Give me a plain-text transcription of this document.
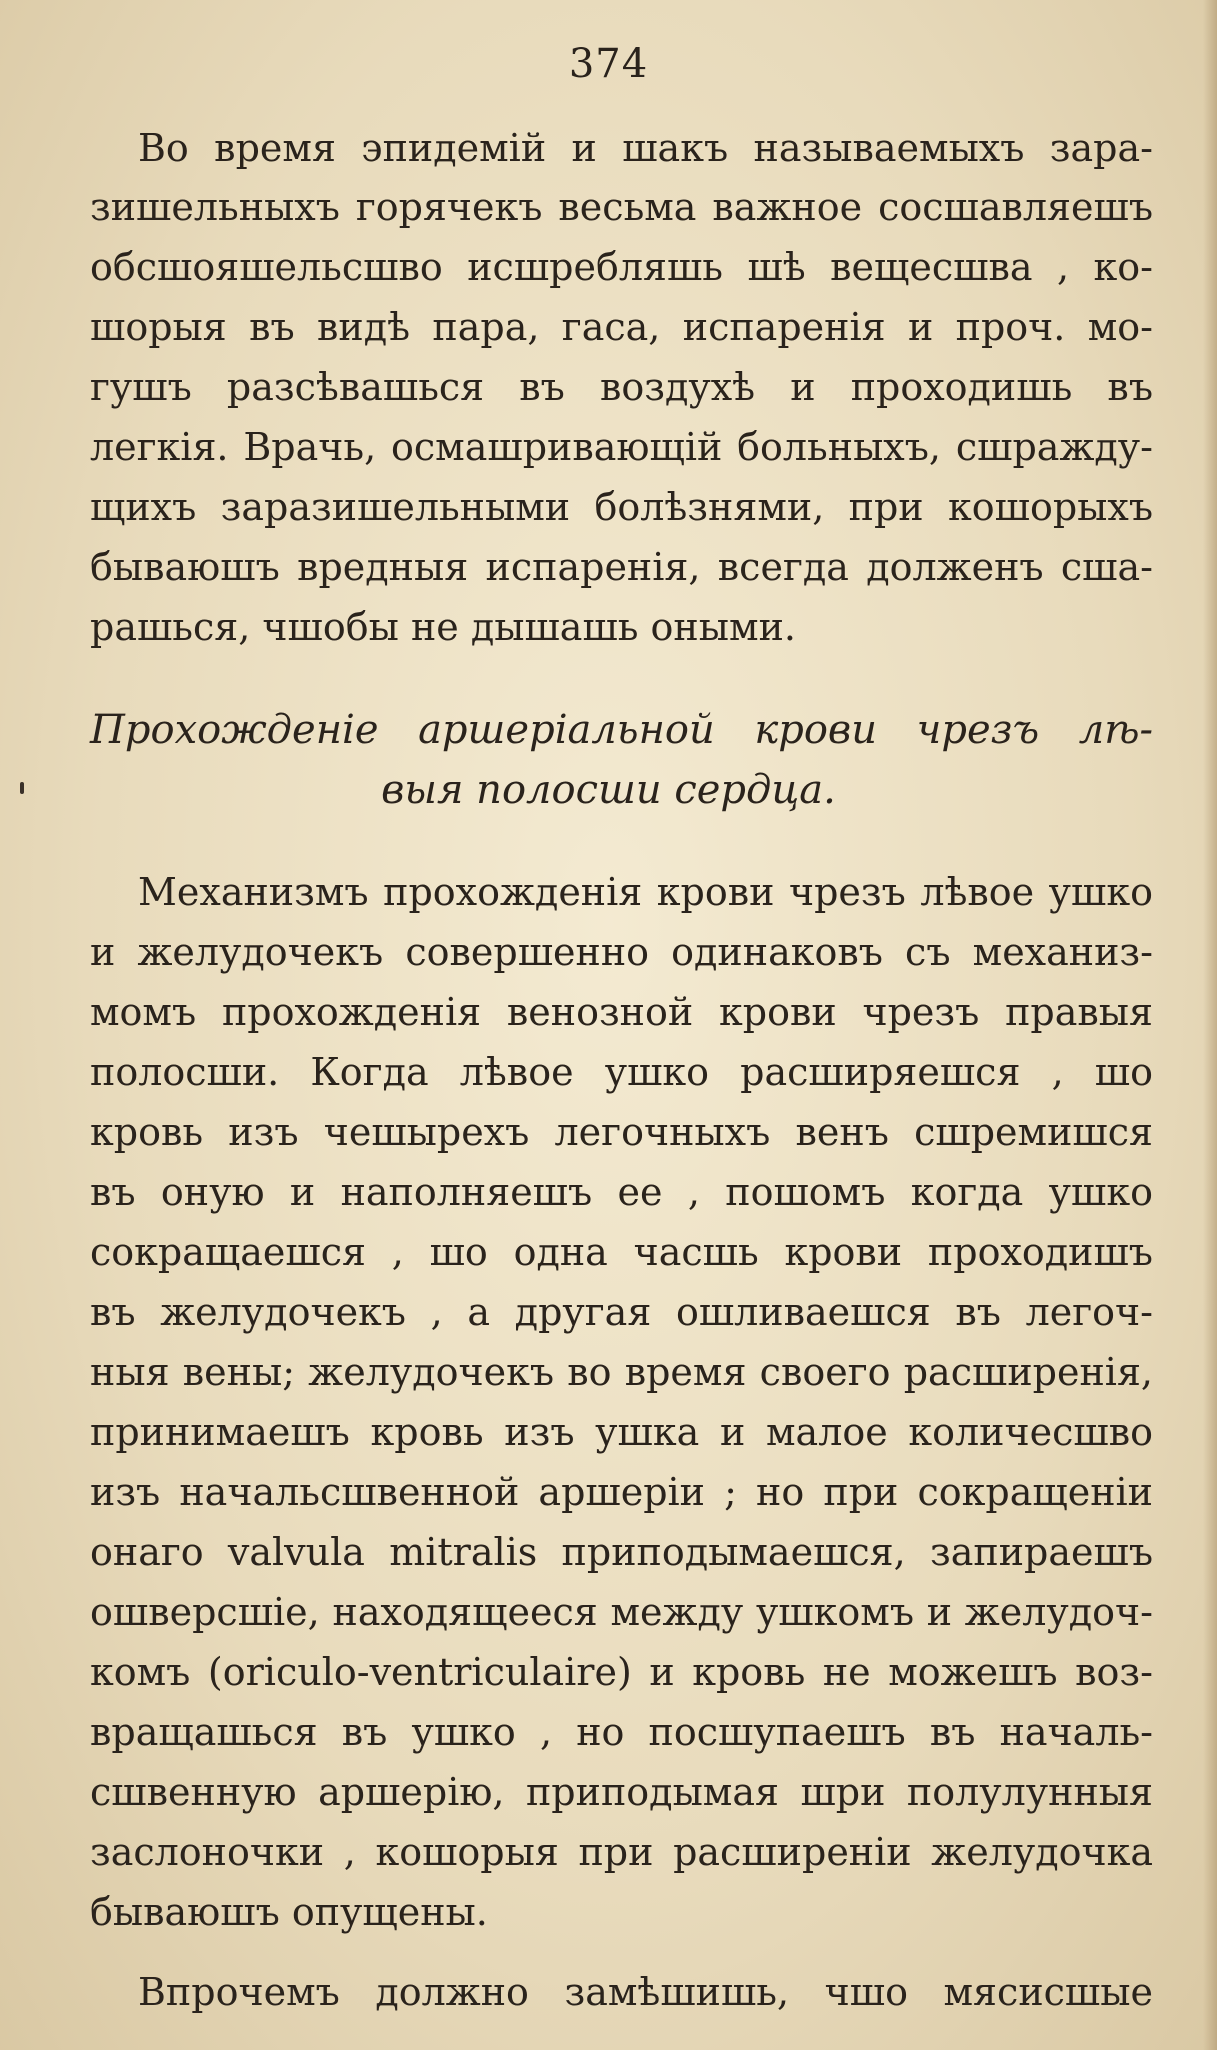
374
Во время эпидемій и шакъ называемыхъ зара-
зишельныхъ горячекъ весьма важное сосшавляешъ
обсшояшельсшво исшребляшь шѣ вещесшва , ко-
шорыя въ видѣ пара, гаса, испаренія и проч. мо-
гушъ разсѣвашься въ воздухѣ и проходишь въ
легкія. Врачь, осмашривающій больныхъ, сшражду-
щихъ заразишельными болѣзнями, при кошорыхъ
бываюшъ вредныя испаренія, всегда долженъ сша-
рашься, чшобы не дышашь оными.
Прохожденіе аршеріальной крови чрезъ лѣ-
выя полосши сердца.
Механизмъ прохожденія крови чрезъ лѣвое ушко
и желудочекъ совершенно одинаковъ съ механиз-
момъ прохожденія венозной крови чрезъ правыя
полосши. Когда лѣвое ушко расширяешся , шо
кровь изъ чешырехъ легочныхъ венъ сшремишся
въ оную и наполняешъ ее , пошомъ когда ушко
сокращаешся , шо одна часшь крови проходишъ
въ желудочекъ , а другая ошливаешся въ легоч-
ныя вены; желудочекъ во время своего расширенія,
принимаешъ кровь изъ ушка и малое количесшво
изъ начальсшвенной аршеріи ; но при сокращеніи
онаго valvula mitralis приподымаешся, запираешъ
ошверсшіе, находящееся между ушкомъ и желудоч-
комъ (oriculo-ventriculaire) и кровь не можешъ воз-
вращашься въ ушко , но посшупаешъ въ началь-
сшвенную аршерію, приподымая шри полулунныя
заслоночки , кошорыя при расширеніи желудочка
бываюшъ опущены.
Впрочемъ должно замѣшишь, чшо мясисшые
